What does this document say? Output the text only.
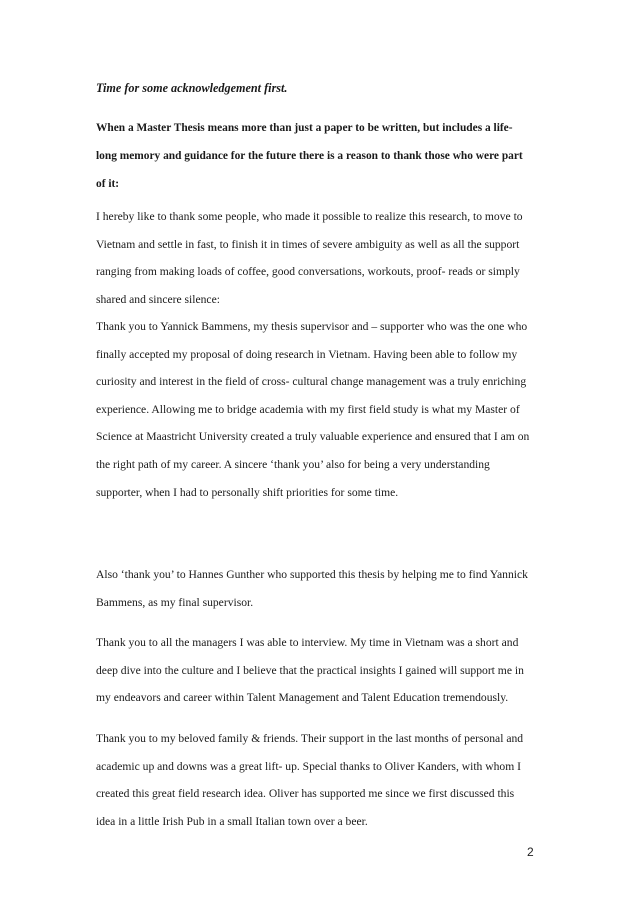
Time for some acknowledgement first.

When a Master Thesis means more than just a paper to be written, but includes a life-
long memory and guidance for the future there is a reason to thank those who were part
of it:

I hereby like to thank some people, who made it possible to realize this research, to move to
Vietnam and settle in fast, to finish it in times of severe ambiguity as well as all the support
ranging from making loads of coffee, good conversations, workouts, proof- reads or simply
shared and sincere silence:

Thank you to Yannick Bammens, my thesis supervisor and – supporter who was the one who
finally accepted my proposal of doing research in Vietnam. Having been able to follow my
curiosity and interest in the field of cross- cultural change management was a truly enriching
experience. Allowing me to bridge academia with my first field study is what my Master of
Science at Maastricht University created a truly valuable experience and ensured that I am on
the right path of my career. A sincere ‘thank you’ also for being a very understanding
supporter, when I had to personally shift priorities for some time.

Also ‘thank you’ to Hannes Gunther who supported this thesis by helping me to find Yannick
Bammens, as my final supervisor.

Thank you to all the managers I was able to interview. My time in Vietnam was a short and
deep dive into the culture and I believe that the practical insights I gained will support me in
my endeavors and career within Talent Management and Talent Education tremendously.

Thank you to my beloved family & friends. Their support in the last months of personal and
academic up and downs was a great lift- up. Special thanks to Oliver Kanders, with whom I
created this great field research idea. Oliver has supported me since we first discussed this
idea in a little Irish Pub in a small Italian town over a beer.

2
